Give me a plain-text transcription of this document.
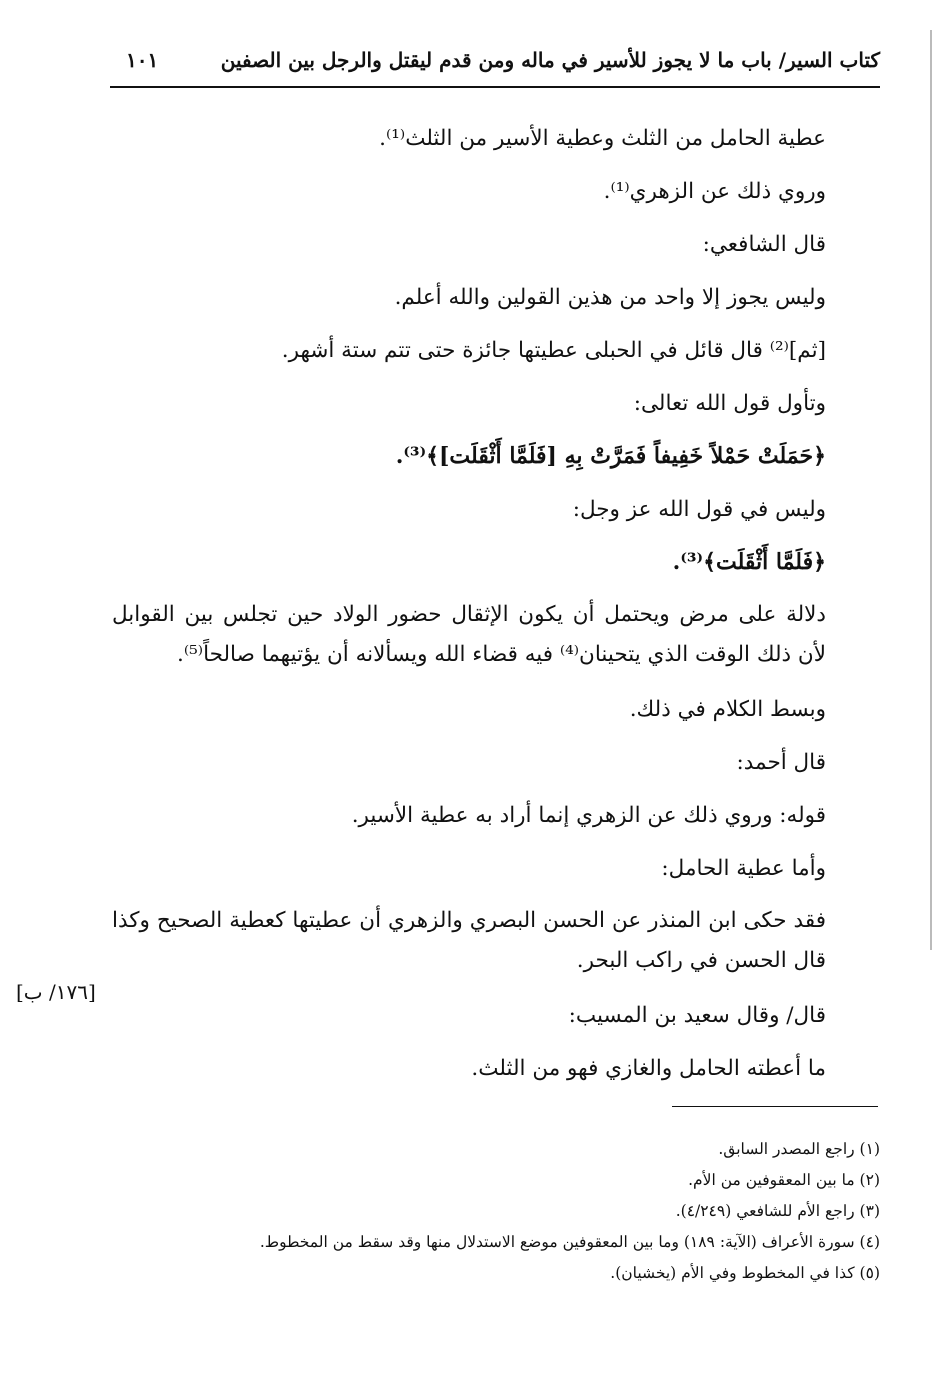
كتاب السير/ باب ما لا يجوز للأسير في ماله ومن قدم ليقتل والرجل بين الصفين
١٠١

عطية الحامل من الثلث وعطية الأسير من الثلث⁽¹⁾.

وروي ذلك عن الزهري⁽¹⁾.

قال الشافعي:

وليس يجوز إلا واحد من هذين القولين والله أعلم.

[ثم]⁽²⁾ قال قائل في الحبلى عطيتها جائزة حتى تتم ستة أشهر.

وتأول قول الله تعالى:

﴿حَمَلَتْ حَمْلاً خَفِيفاً فَمَرَّتْ بِهِ [فَلَمَّا أَثْقَلَت]﴾⁽³⁾.

وليس في قول الله عز وجل:

﴿فَلَمَّا أَثْقَلَت﴾⁽³⁾.

دلالة على مرض ويحتمل أن يكون الإثقال حضور الولاد حين تجلس بين القوابل لأن ذلك الوقت الذي يتحينان⁽⁴⁾ فيه قضاء الله ويسألانه أن يؤتيهما صالحاً⁽⁵⁾.

وبسط الكلام في ذلك.

قال أحمد:

قوله: وروي ذلك عن الزهري إنما أراد به عطية الأسير.

وأما عطية الحامل:

فقد حكى ابن المنذر عن الحسن البصري والزهري أن عطيتها كعطية الصحيح وكذا قال الحسن في راكب البحر.

قال/ وقال سعيد بن المسيب:

ما أعطته الحامل والغازي فهو من الثلث.

[١٧٦/ ب]
(١) راجع المصدر السابق.
(٢) ما بين المعقوفين من الأم.
(٣) راجع الأم للشافعي (٤/٢٤٩).
(٤) سورة الأعراف (الآية: ١٨٩) وما بين المعقوفين موضع الاستدلال منها وقد سقط من المخطوط.
(٥) كذا في المخطوط وفي الأم (يخشيان).
